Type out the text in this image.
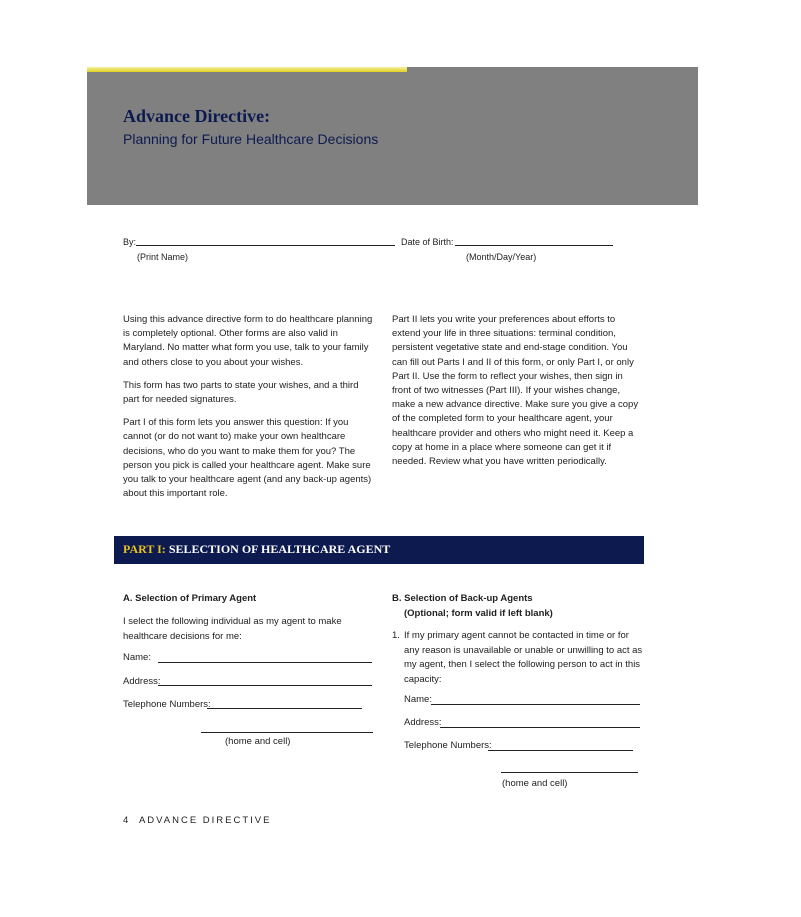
Advance Directive:

Planning for Future Healthcare Decisions

By:	Date of Birth:
(Print Name)	(Month/Day/Year)

Using this advance directive form to do healthcare planning is completely optional. Other forms are also valid in Maryland. No matter what form you use, talk to your family and others close to you about your wishes.

This form has two parts to state your wishes, and a third part for needed signatures.

Part I of this form lets you answer this question: If you cannot (or do not want to) make your own healthcare decisions, who do you want to make them for you? The person you pick is called your healthcare agent. Make sure you talk to your healthcare agent (and any back-up agents) about this important role.

Part II lets you write your preferences about efforts to extend your life in three situations: terminal condition, persistent vegetative state and end-stage condition. You can fill out Parts I and II of this form, or only Part I, or only Part II. Use the form to reflect your wishes, then sign in front of two witnesses (Part III). If your wishes change, make a new advance directive. Make sure you give a copy of the completed form to your healthcare agent, your healthcare provider and others who might need it. Keep a copy at home in a place where someone can get it if needed. Review what you have written periodically.

PART I: SELECTION OF HEALTHCARE AGENT
A. Selection of Primary Agent
I select the following individual as my agent to make healthcare decisions for me:
Name:
Address:
Telephone Numbers:
(home and cell)
B. Selection of Back-up Agents
(Optional; form valid if left blank)
1. If my primary agent cannot be contacted in time or for any reason is unavailable or unable or unwilling to act as my agent, then I select the following person to act in this capacity:
Name:
Address:
Telephone Numbers:
(home and cell)
4 ADVANCE DIRECTIVE
